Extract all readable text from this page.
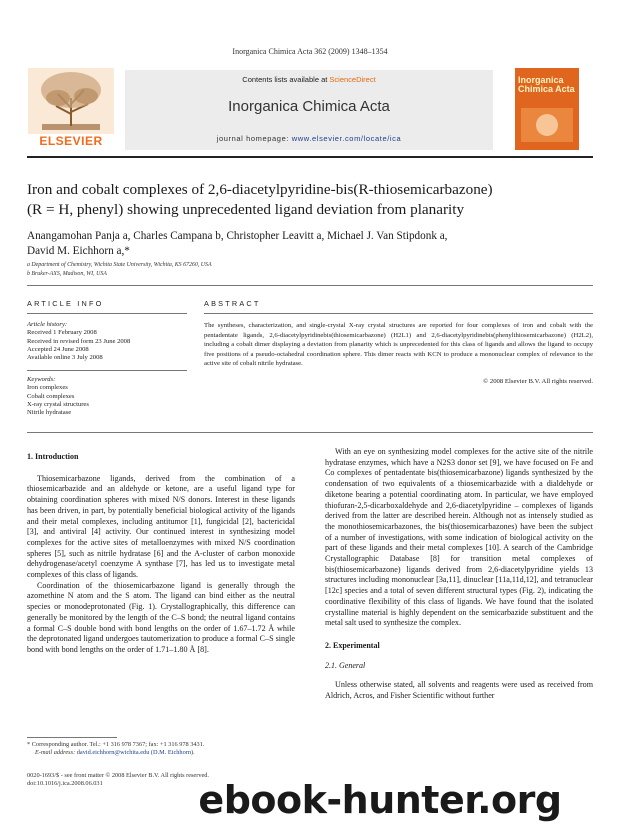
Inorganica Chimica Acta 362 (2009) 1348–1354
Contents lists available at ScienceDirect
Inorganica Chimica Acta
journal homepage: www.elsevier.com/locate/ica
ELSEVIER
Inorganica Chimica Acta
Iron and cobalt complexes of 2,6-diacetylpyridine-bis(R-thiosemicarbazone)
(R = H, phenyl) showing unprecedented ligand deviation from planarity
Anangamohan Panja a, Charles Campana b, Christopher Leavitt a, Michael J. Van Stipdonk a,
David M. Eichhorn a,*
a Department of Chemistry, Wichita State University, Wichita, KS 67260, USA
b Bruker-AXS, Madison, WI, USA
ARTICLE INFO	ABSTRACT
Article history:
Received 1 February 2008
Received in revised form 23 June 2008
Accepted 24 June 2008
Available online 3 July 2008
Keywords:
Iron complexes
Cobalt complexes
X-ray crystal structures
Nitrile hydratase
The syntheses, characterization, and single-crystal X-ray crystal structures are reported for four complexes of iron and cobalt with the pentadentate ligands, 2,6-diacetylpyridinebis(thiosemicarbazone) (H2L1) and 2,6-diacetylpyridinebis(phenylthiosemicarbazone) (H2L2), including a cobalt dimer displaying a deviation from planarity which is unprecedented for this class of ligands and allows the ligand to occupy five positions of a pseudo-octahedral coordination sphere. This dimer reacts with KCN to produce a mononuclear complex of relevance to the active site of cobalt nitrile hydratase.
© 2008 Elsevier B.V. All rights reserved.
1. Introduction

Thiosemicarbazone ligands, derived from the combination of a thiosemicarbazide and an aldehyde or ketone, are a useful ligand type for obtaining coordination spheres with mixed N/S donors. Interest in these ligands has been driven, in part, by potentially beneficial biological activity of the ligands and their metal complexes, including antitumor [1], fungicidal [2], bactericidal [3], and antiviral [4] activity. Our continued interest in synthesizing model complexes for the active sites of metalloenzymes with mixed N/S coordination spheres [5], such as nitrile hydratase [6] and the A-cluster of carbon monoxide dehydrogenase/acetyl coenzyme A synthase [7], has led us to investigate metal complexes of this class of ligands.

Coordination of the thiosemicarbazone ligand is generally through the azomethine N atom and the S atom. The ligand can bind either as the neutral species or monodeprotonated (Fig. 1). Crystallographically, this difference can generally be monitored by the length of the C–S bond; the neutral ligand contains a formal C–S double bond with bond lengths on the order of 1.67–1.72 Å while the deprotonated ligand undergoes tautomerization to produce a formal C–S single bond with bond lengths on the order of 1.71–1.80 Å [8].

With an eye on synthesizing model complexes for the active site of the nitrile hydratase enzymes, which have a N2S3 donor set [9], we have focused on Fe and Co complexes of pentadentate bis(thiosemicarbazone) ligands synthesized by the condensation of two equivalents of a thiosemicarbazide with a dialdehyde or diketone bearing a potential coordinating atom. In particular, we have employed thiofuran-2,5-dicarboxaldehyde and 2,6-diacetylpyridine – complexes of ligands derived from the latter are described herein. Although not as intensely studied as the monothiosemicarbazones, the bis(thiosemicarbazones) have been the subject of a number of investigations, with some indication of biological activity on the part of these ligands and their metal complexes [10]. A search of the Cambridge Crystallographic Database [8] for transition metal complexes of bis(thiosemicarbazone) ligands derived from 2,6-diacetylpyridine yields 13 structures including mononuclear [3a,11], dinuclear [11a,11d,12], and tetranuclear [12c] species and a total of seven different structural types (Fig. 2), indicating the coordinative flexibility of this class of ligands. We have found that the isolated crystalline material is highly dependent on the semicarbazide substituent and the metal salt used to synthesize the complex.

2. Experimental
2.1. General

Unless otherwise stated, all solvents and reagents were used as received from Aldrich, Acros, and Fisher Scientific without further

* Corresponding author. Tel.: +1 316 978 7367; fax: +1 316 978 3431.
E-mail address: david.eichhorn@wichita.edu (D.M. Eichhorn).
0020-1693/$ - see front matter © 2008 Elsevier B.V. All rights reserved.
doi:10.1016/j.ica.2008.06.031	ebook-hunter.org
